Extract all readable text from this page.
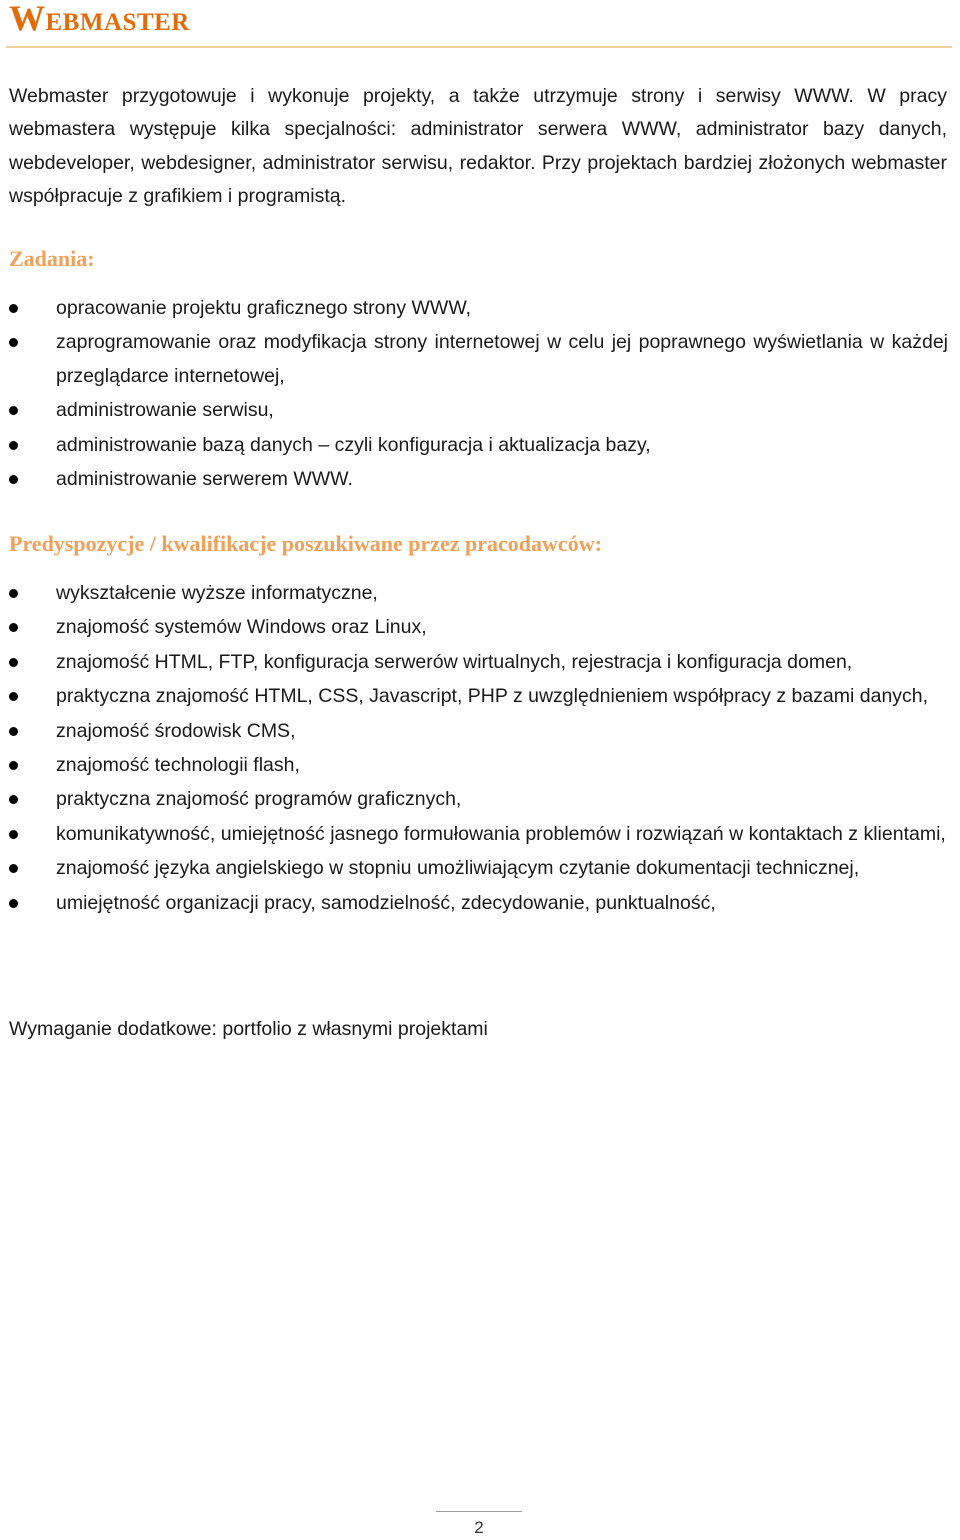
Webmaster

Webmaster przygotowuje i wykonuje projekty, a także utrzymuje strony i serwisy WWW. W pracy webmastera występuje kilka specjalności: administrator serwera WWW, administrator bazy danych, webdeveloper, webdesigner, administrator serwisu, redaktor. Przy projektach bardziej złożonych webmaster współpracuje z grafikiem i programistą.

Zadania:
opracowanie projektu graficznego strony WWW,
zaprogramowanie oraz modyfikacja strony internetowej w celu jej poprawnego wyświetlania w każdej przeglądarce internetowej,
administrowanie serwisu,
administrowanie bazą danych – czyli konfiguracja i aktualizacja bazy,
administrowanie serwerem WWW.
Predyspozycje / kwalifikacje poszukiwane przez pracodawców:
wykształcenie wyższe informatyczne,
znajomość systemów Windows oraz Linux,
znajomość HTML, FTP, konfiguracja serwerów wirtualnych, rejestracja i konfiguracja domen,
praktyczna znajomość HTML, CSS, Javascript, PHP z uwzględnieniem współpracy z bazami danych,
znajomość środowisk CMS,
znajomość technologii flash,
praktyczna znajomość programów graficznych,
komunikatywność, umiejętność jasnego formułowania problemów i rozwiązań w kontaktach z klientami,
znajomość języka angielskiego w stopniu umożliwiającym czytanie dokumentacji technicznej,
umiejętność organizacji pracy, samodzielność, zdecydowanie, punktualność,

Wymaganie dodatkowe: portfolio z własnymi projektami

2
